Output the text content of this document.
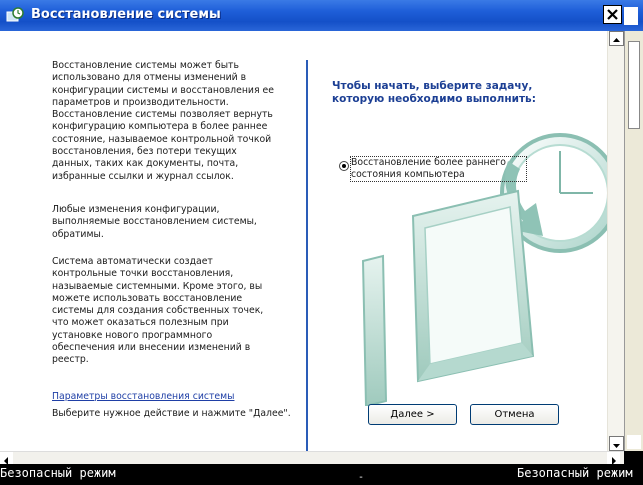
Восстановление системы
Восстановление системы может быть
использовано для отмены изменений в
конфигурации системы и восстановления ее
параметров и производительности.
Восстановление системы позволяет вернуть
конфигурацию компьютера в более раннее
состояние, называемое контрольной точкой
восстановления, без потери текущих
данных, таких как документы, почта,
избранные ссылки и журнал ссылок.
Любые изменения конфигурации,
выполняемые восстановлением системы,
обратимы.
Система автоматически создает
контрольные точки восстановления,
называемые системными. Кроме этого, вы
можете использовать восстановление
системы для создания собственных точек,
что может оказаться полезным при
установке нового программного
обеспечения или внесении изменений в
реестр.
Параметры восстановления системы
Выберите нужное действие и нажмите "Далее".
Чтобы начать, выберите задачу,
которую необходимо выполнить:
Восстановление более раннего
состояния компьютера
Далее >	Отмена
Безопасный режим	-	Безопасный режим
